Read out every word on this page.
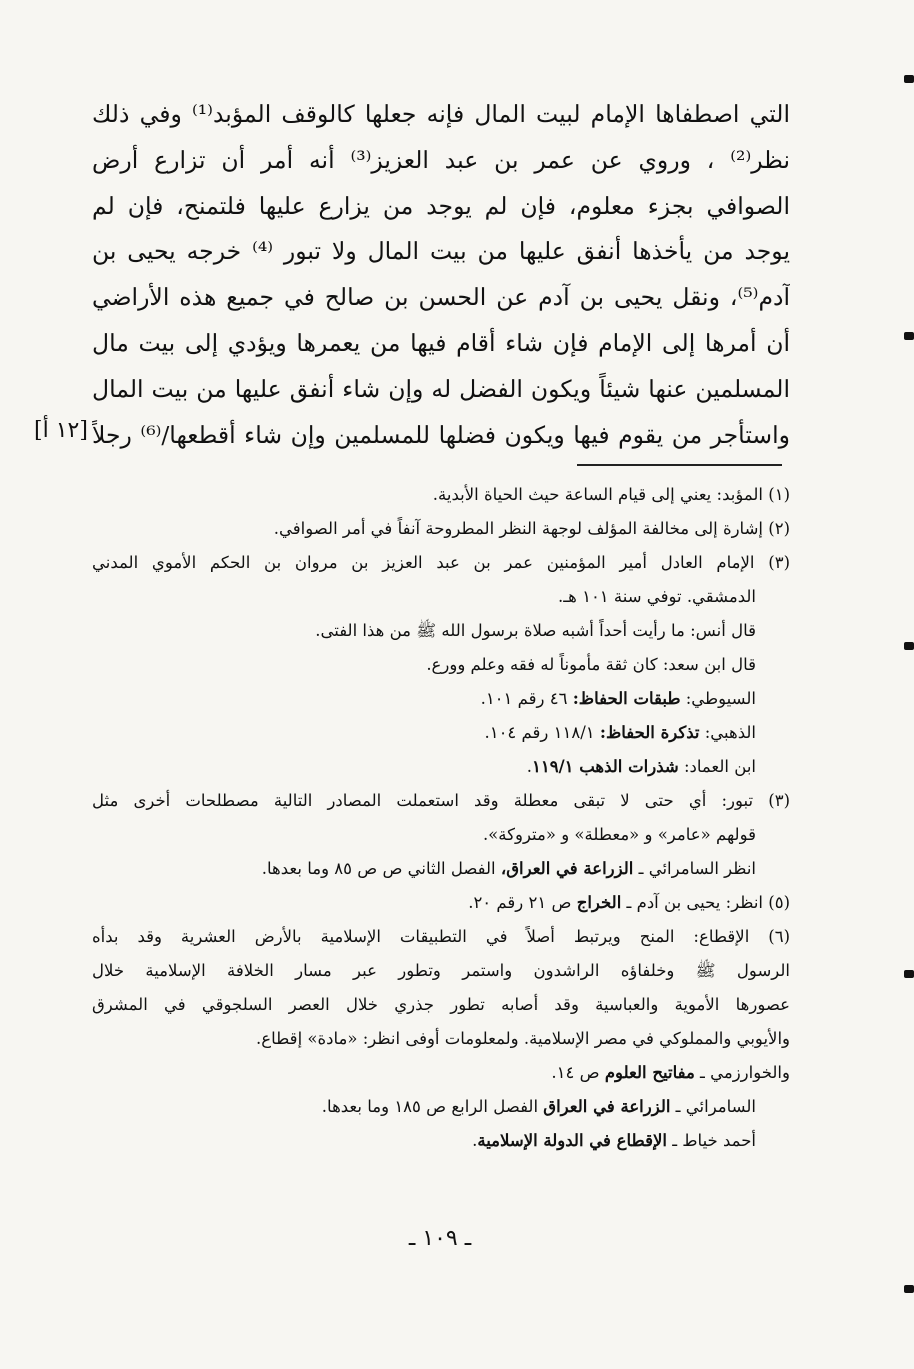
التي اصطفاها الإمام لبيت المال فإنه جعلها كالوقف المؤبد⁽¹⁾ وفي ذلك
نظر⁽²⁾ ، وروي عن عمر بن عبد العزيز⁽³⁾ أنه أمر أن تزارع أرض
الصوافي بجزء معلوم، فإن لم يوجد من يزارع عليها فلتمنح، فإن لم
يوجد من يأخذها أنفق عليها من بيت المال ولا تبور ⁽⁴⁾ خرجه يحيى بن
آدم⁽⁵⁾، ونقل يحيى بن آدم عن الحسن بن صالح في جميع هذه الأراضي
أن أمرها إلى الإمام فإن شاء أقام فيها من يعمرها ويؤدي إلى بيت مال
المسلمين عنها شيئاً ويكون الفضل له وإن شاء أنفق عليها من بيت المال
واستأجر من يقوم فيها ويكون فضلها للمسلمين وإن شاء أقطعها/⁽⁶⁾ رجلاً
[١٢ أ]
(١) المؤبد: يعني إلى قيام الساعة حيث الحياة الأبدية.
(٢) إشارة إلى مخالفة المؤلف لوجهة النظر المطروحة آنفاً في أمر الصوافي.
(٣) الإمام العادل أمير المؤمنين عمر بن عبد العزيز بن مروان بن الحكم الأموي المدني
الدمشقي. توفي سنة ١٠١ هـ.
قال أنس: ما رأيت أحداً أشبه صلاة برسول الله ﷺ من هذا الفتى.
قال ابن سعد: كان ثقة مأموناً له فقه وعلم وورع.
السيوطي: طبقات الحفاظ: ٤٦ رقم ١٠١.
الذهبي: تذكرة الحفاظ: ١١٨/١ رقم ١٠٤.
ابن العماد: شذرات الذهب ١١٩/١.
(٣) تبور: أي حتى لا تبقى معطلة وقد استعملت المصادر التالية مصطلحات أخرى مثل
قولهم «عامر» و «معطلة» و «متروكة».
انظر السامرائي ـ الزراعة في العراق، الفصل الثاني ص ص ٨٥ وما بعدها.
(٥) انظر: يحيى بن آدم ـ الخراج ص ٢١ رقم ٢٠.
(٦) الإقطاع: المنح ويرتبط أصلاً في التطبيقات الإسلامية بالأرض العشرية وقد بدأه
الرسول ﷺ وخلفاؤه الراشدون واستمر وتطور عبر مسار الخلافة الإسلامية خلال
عصورها الأموية والعباسية وقد أصابه تطور جذري خلال العصر السلجوقي في المشرق
والأيوبي والمملوكي في مصر الإسلامية. ولمعلومات أوفى انظر: «مادة» إقطاع.
والخوارزمي ـ مفاتيح العلوم ص ١٤.
السامرائي ـ الزراعة في العراق الفصل الرابع ص ١٨٥ وما بعدها.
أحمد خياط ـ الإقطاع في الدولة الإسلامية.
ـ ١٠٩ ـ
